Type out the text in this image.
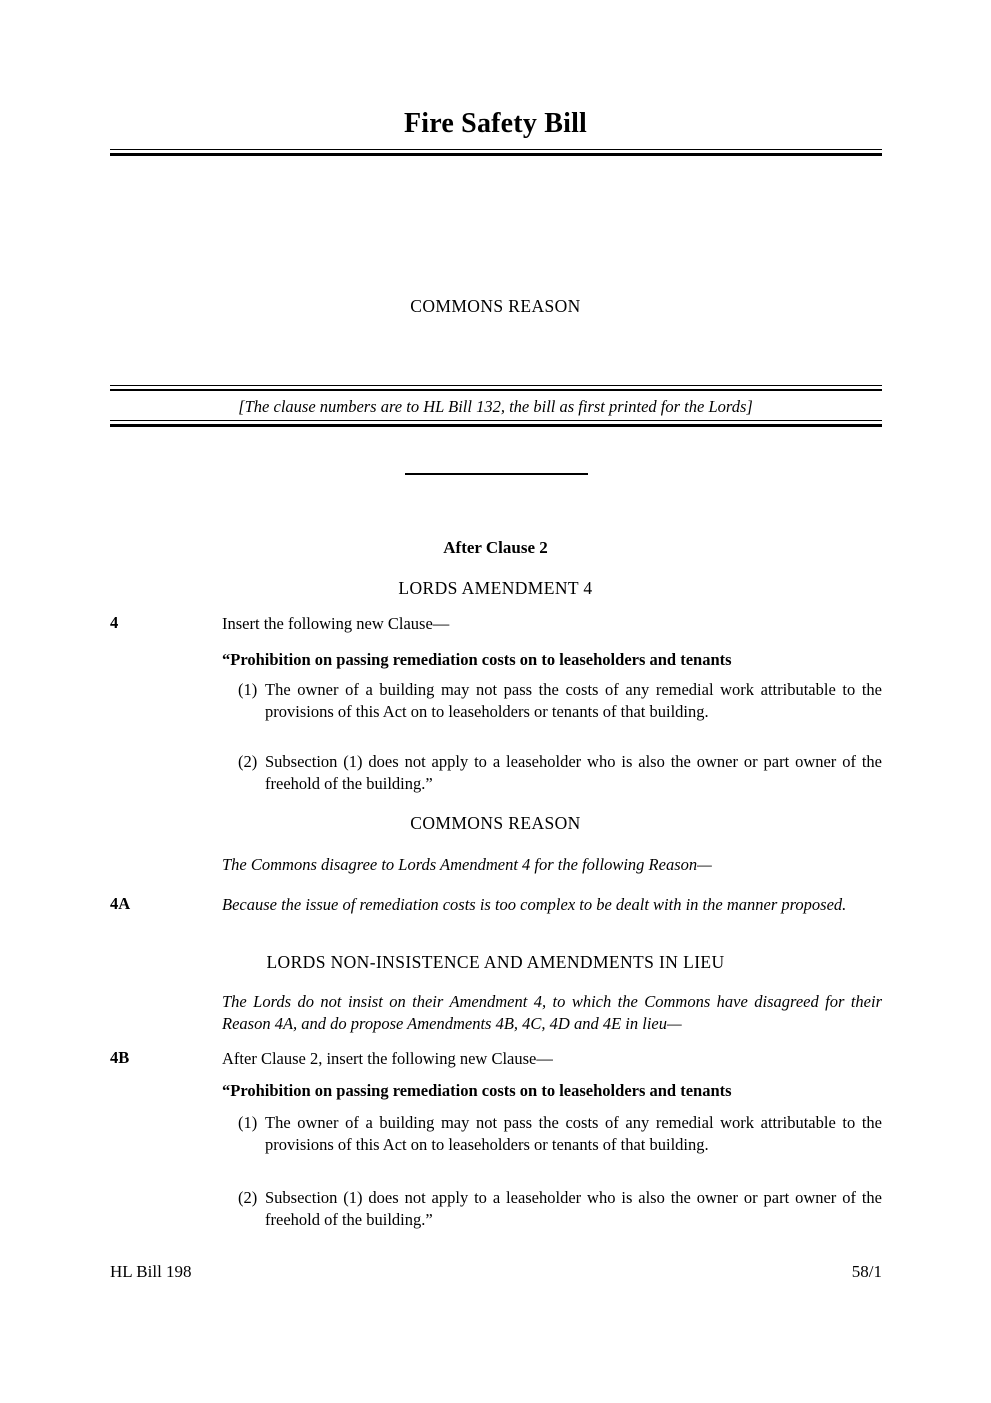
Fire Safety Bill
COMMONS REASON
[The clause numbers are to HL Bill 132, the bill as first printed for the Lords]
After Clause 2
LORDS AMENDMENT 4
4	Insert the following new Clause—
“Prohibition on passing remediation costs on to leaseholders and tenants
(1) The owner of a building may not pass the costs of any remedial work attributable to the provisions of this Act on to leaseholders or tenants of that building.
(2) Subsection (1) does not apply to a leaseholder who is also the owner or part owner of the freehold of the building.”
COMMONS REASON
The Commons disagree to Lords Amendment 4 for the following Reason—
4A	Because the issue of remediation costs is too complex to be dealt with in the manner proposed.
LORDS NON-INSISTENCE AND AMENDMENTS IN LIEU
The Lords do not insist on their Amendment 4, to which the Commons have disagreed for their Reason 4A, and do propose Amendments 4B, 4C, 4D and 4E in lieu—
4B	After Clause 2, insert the following new Clause—
“Prohibition on passing remediation costs on to leaseholders and tenants
(1) The owner of a building may not pass the costs of any remedial work attributable to the provisions of this Act on to leaseholders or tenants of that building.
(2) Subsection (1) does not apply to a leaseholder who is also the owner or part owner of the freehold of the building.”
HL Bill 198	58/1
